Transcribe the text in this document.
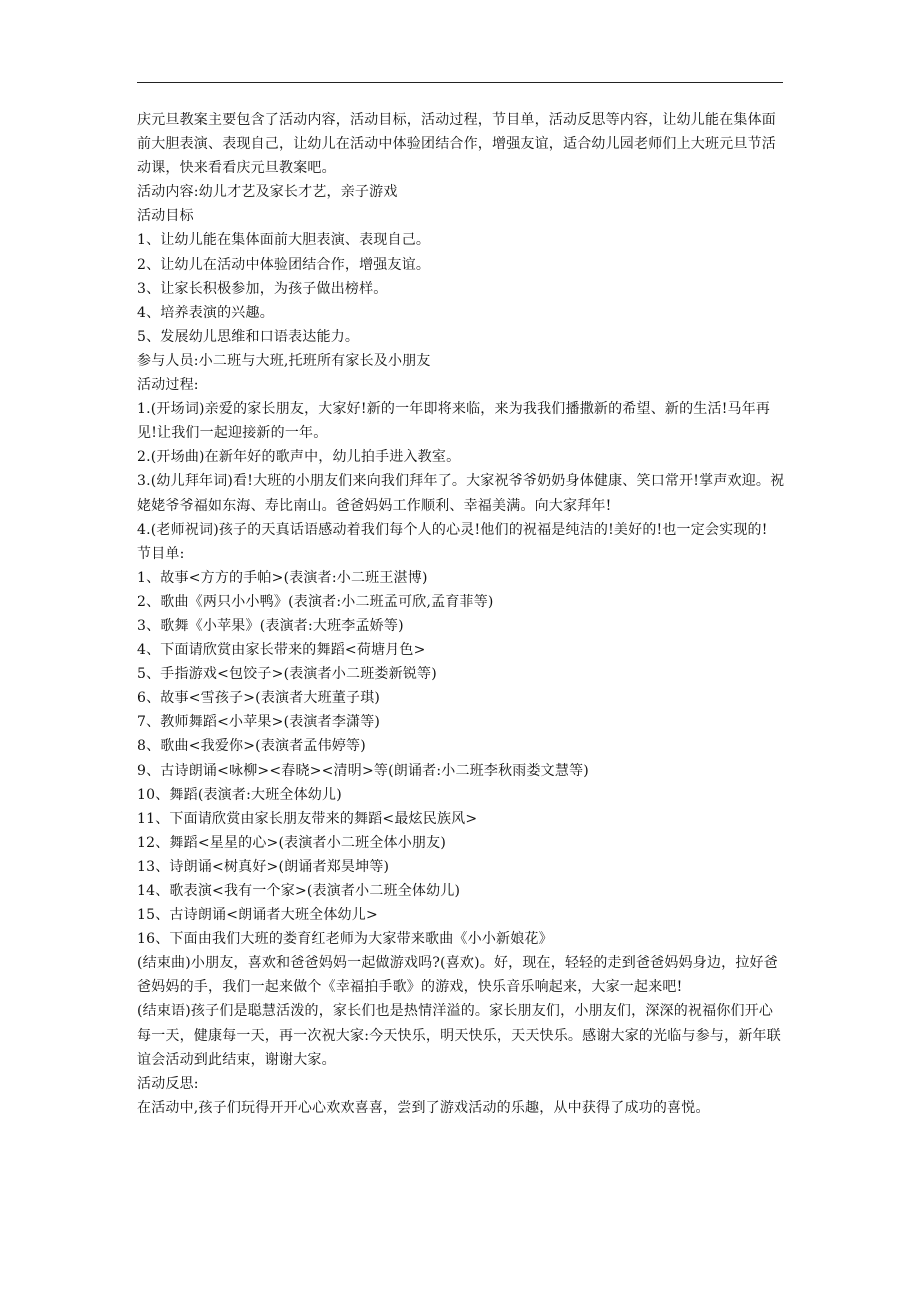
庆元旦教案主要包含了活动内容，活动目标，活动过程，节目单，活动反思等内容，让幼儿能在集体面前大胆表演、表现自己，让幼儿在活动中体验团结合作，增强友谊，适合幼儿园老师们上大班元旦节活动课，快来看看庆元旦教案吧。

活动内容:幼儿才艺及家长才艺，亲子游戏

活动目标

1、让幼儿能在集体面前大胆表演、表现自己。

2、让幼儿在活动中体验团结合作，增强友谊。

3、让家长积极参加，为孩子做出榜样。

4、培养表演的兴趣。

5、发展幼儿思维和口语表达能力。

参与人员:小二班与大班,托班所有家长及小朋友

活动过程:

1.(开场词)亲爱的家长朋友，大家好!新的一年即将来临，来为我我们播撒新的希望、新的生活!马年再见!让我们一起迎接新的一年。

2.(开场曲)在新年好的歌声中，幼儿拍手进入教室。

3.(幼儿拜年词)看!大班的小朋友们来向我们拜年了。大家祝爷爷奶奶身体健康、笑口常开!掌声欢迎。祝姥姥爷爷福如东海、寿比南山。爸爸妈妈工作顺利、幸福美满。向大家拜年!

4.(老师祝词)孩子的天真话语感动着我们每个人的心灵!他们的祝福是纯洁的!美好的!也一定会实现的!

节目单:

1、故事<方方的手帕>(表演者:小二班王湛博)

2、歌曲《两只小小鸭》(表演者:小二班孟可欣,孟育菲等)

3、歌舞《小苹果》(表演者:大班李孟娇等)

4、下面请欣赏由家长带来的舞蹈<荷塘月色>

5、手指游戏<包饺子>(表演者小二班娄新锐等)

6、故事<雪孩子>(表演者大班董子琪)

7、教师舞蹈<小苹果>(表演者李潇等)

8、歌曲<我爱你>(表演者孟伟婷等)

9、古诗朗诵<咏柳><春晓><清明>等(朗诵者:小二班李秋雨娄文慧等)

10、舞蹈(表演者:大班全体幼儿)

11、下面请欣赏由家长朋友带来的舞蹈<最炫民族风>

12、舞蹈<星星的心>(表演者小二班全体小朋友)

13、诗朗诵<树真好>(朗诵者郑昊坤等)

14、歌表演<我有一个家>(表演者小二班全体幼儿)

15、古诗朗诵<朗诵者大班全体幼儿>

16、下面由我们大班的娄育红老师为大家带来歌曲《小小新娘花》

(结束曲)小朋友，喜欢和爸爸妈妈一起做游戏吗?(喜欢)。好，现在，轻轻的走到爸爸妈妈身边，拉好爸爸妈妈的手，我们一起来做个《幸福拍手歌》的游戏，快乐音乐响起来，大家一起来吧!

(结束语)孩子们是聪慧活泼的，家长们也是热情洋溢的。家长朋友们，小朋友们，深深的祝福你们开心每一天，健康每一天，再一次祝大家:今天快乐，明天快乐，天天快乐。感谢大家的光临与参与，新年联谊会活动到此结束，谢谢大家。

活动反思:

在活动中,孩子们玩得开开心心欢欢喜喜，尝到了游戏活动的乐趣，从中获得了成功的喜悦。
